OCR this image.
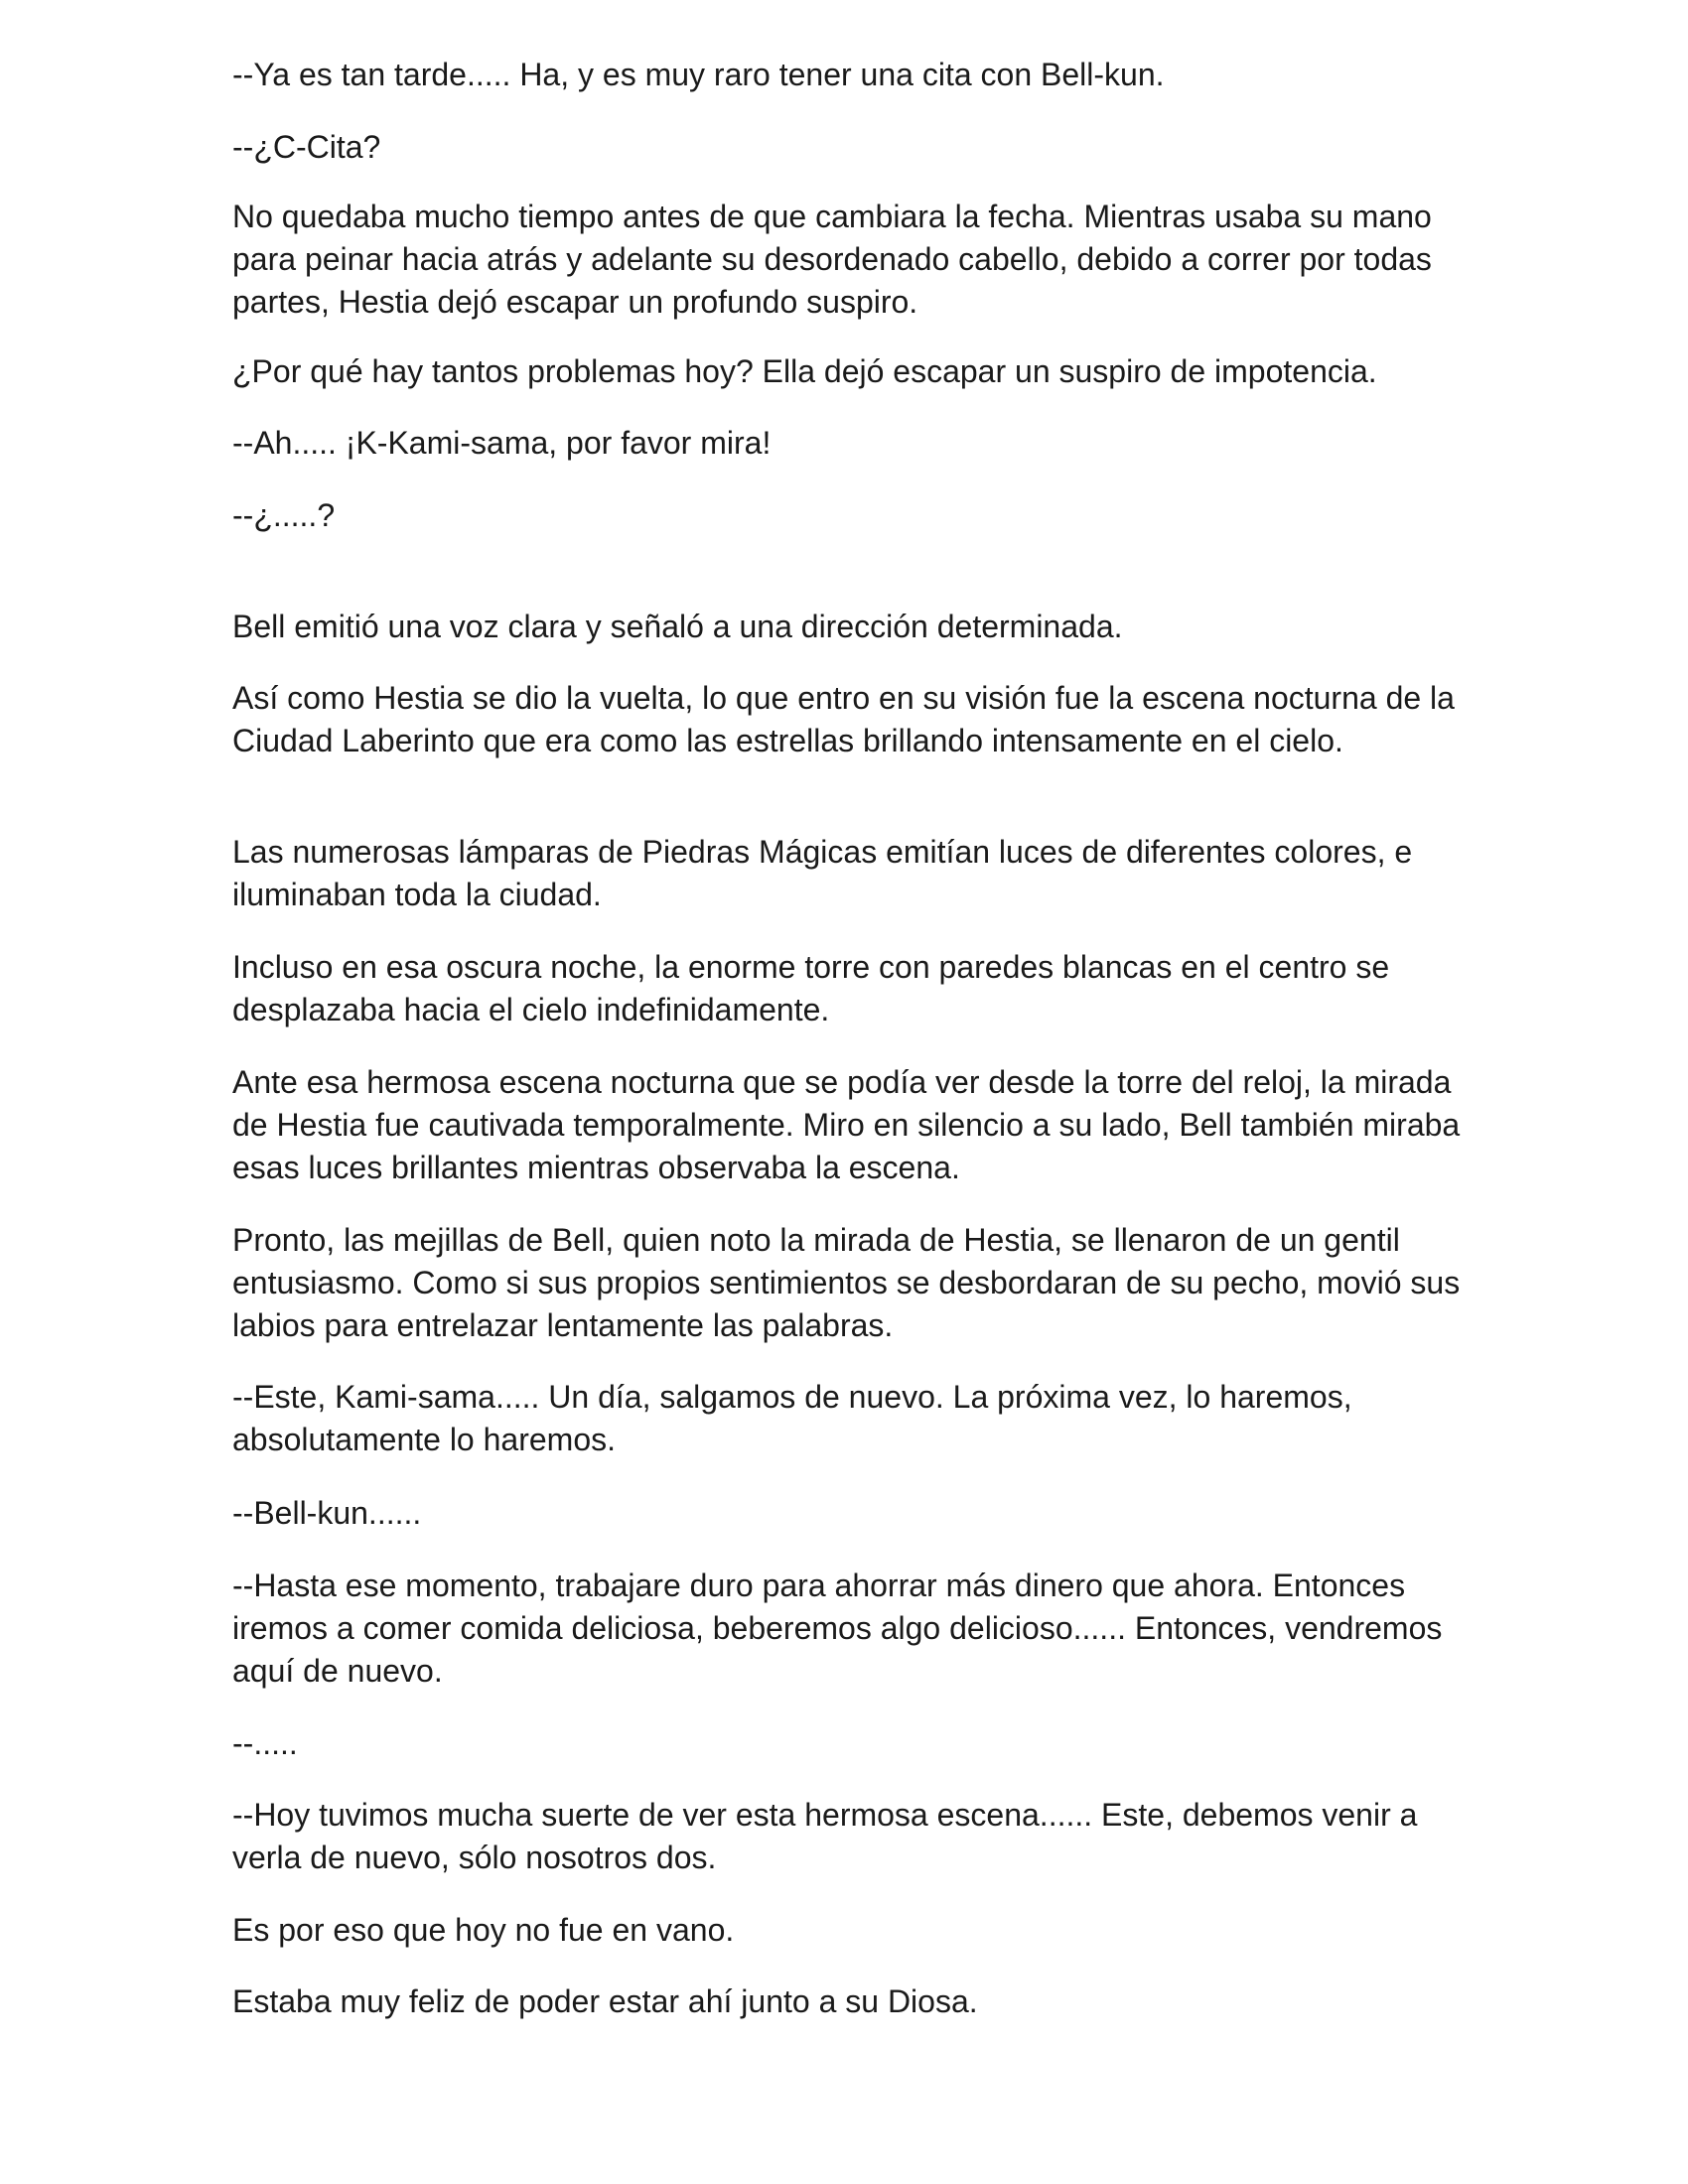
--Ya es tan tarde..... Ha, y es muy raro tener una cita con Bell-kun.

--¿C-Cita?

No quedaba mucho tiempo antes de que cambiara la fecha. Mientras usaba su mano para peinar hacia atrás y adelante su desordenado cabello, debido a correr por todas partes, Hestia dejó escapar un profundo suspiro.

¿Por qué hay tantos problemas hoy? Ella dejó escapar un suspiro de impotencia.

--Ah..... ¡K-Kami-sama, por favor mira!

--¿.....?

Bell emitió una voz clara y señaló a una dirección determinada.

Así como Hestia se dio la vuelta, lo que entro en su visión fue la escena nocturna de la Ciudad Laberinto que era como las estrellas brillando intensamente en el cielo.

Las numerosas lámparas de Piedras Mágicas emitían luces de diferentes colores, e iluminaban toda la ciudad.

Incluso en esa oscura noche, la enorme torre con paredes blancas en el centro se desplazaba hacia el cielo indefinidamente.

Ante esa hermosa escena nocturna que se podía ver desde la torre del reloj, la mirada de Hestia fue cautivada temporalmente. Miro en silencio a su lado, Bell también miraba esas luces brillantes mientras observaba la escena.

Pronto, las mejillas de Bell, quien noto la mirada de Hestia, se llenaron de un gentil entusiasmo. Como si sus propios sentimientos se desbordaran de su pecho, movió sus labios para entrelazar lentamente las palabras.

--Este, Kami-sama..... Un día, salgamos de nuevo. La próxima vez, lo haremos, absolutamente lo haremos.

--Bell-kun......

--Hasta ese momento, trabajare duro para ahorrar más dinero que ahora. Entonces iremos a comer comida deliciosa, beberemos algo delicioso...... Entonces, vendremos aquí de nuevo.

--.....

--Hoy tuvimos mucha suerte de ver esta hermosa escena...... Este, debemos venir a verla de nuevo, sólo nosotros dos.

Es por eso que hoy no fue en vano.

Estaba muy feliz de poder estar ahí junto a su Diosa.
